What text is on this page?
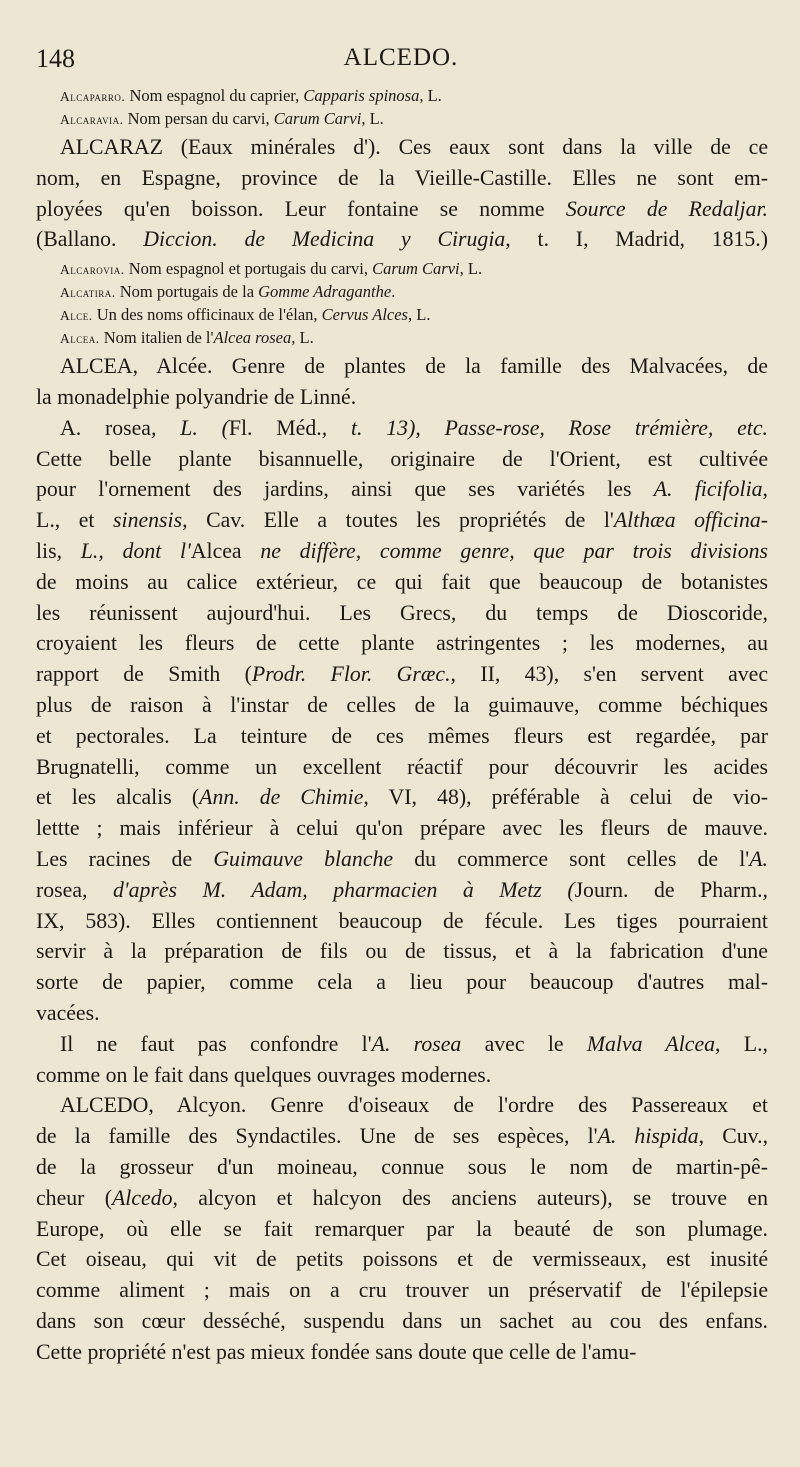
148	ALCEDO.

Alcaparro. Nom espagnol du caprier, Capparis spinosa, L.

Alcaravia. Nom persan du carvi, Carum Carvi, L.

ALCARAZ (Eaux minérales d'). Ces eaux sont dans la ville de ce
nom, en Espagne, province de la Vieille-Castille. Elles ne sont em-
ployées qu'en boisson. Leur fontaine se nomme Source de Redaljar.
(Ballano. Diccion. de Medicina y Cirugia, t. I, Madrid, 1815.)

Alcarovia. Nom espagnol et portugais du carvi, Carum Carvi, L.

Alcatira. Nom portugais de la Gomme Adraganthe.

Alce. Un des noms officinaux de l'élan, Cervus Alces, L.

Alcea. Nom italien de l'Alcea rosea, L.

ALCEA, Alcée. Genre de plantes de la famille des Malvacées, de
la monadelphie polyandrie de Linné.
A. rosea, L. (Fl. Méd., t. 13), Passe-rose, Rose trémière, etc.
Cette belle plante bisannuelle, originaire de l'Orient, est cultivée
pour l'ornement des jardins, ainsi que ses variétés les A. ficifolia,
L., et sinensis, Cav. Elle a toutes les propriétés de l'Althæa officina-
lis, L., dont l'Alcea ne diffère, comme genre, que par trois divisions
de moins au calice extérieur, ce qui fait que beaucoup de botanistes
les réunissent aujourd'hui. Les Grecs, du temps de Dioscoride,
croyaient les fleurs de cette plante astringentes ; les modernes, au
rapport de Smith (Prodr. Flor. Græc., II, 43), s'en servent avec
plus de raison à l'instar de celles de la guimauve, comme béchiques
et pectorales. La teinture de ces mêmes fleurs est regardée, par
Brugnatelli, comme un excellent réactif pour découvrir les acides
et les alcalis (Ann. de Chimie, VI, 48), préférable à celui de vio-
lettte ; mais inférieur à celui qu'on prépare avec les fleurs de mauve.
Les racines de Guimauve blanche du commerce sont celles de l'A.
rosea, d'après M. Adam, pharmacien à Metz (Journ. de Pharm.,
IX, 583). Elles contiennent beaucoup de fécule. Les tiges pourraient
servir à la préparation de fils ou de tissus, et à la fabrication d'une
sorte de papier, comme cela a lieu pour beaucoup d'autres mal-
vacées.
Il ne faut pas confondre l'A. rosea avec le Malva Alcea, L.,
comme on le fait dans quelques ouvrages modernes.
ALCEDO, Alcyon. Genre d'oiseaux de l'ordre des Passereaux et
de la famille des Syndactiles. Une de ses espèces, l'A. hispida, Cuv.,
de la grosseur d'un moineau, connue sous le nom de martin-pê-
cheur (Alcedo, alcyon et halcyon des anciens auteurs), se trouve en
Europe, où elle se fait remarquer par la beauté de son plumage.
Cet oiseau, qui vit de petits poissons et de vermisseaux, est inusité
comme aliment ; mais on a cru trouver un préservatif de l'épilepsie
dans son cœur desséché, suspendu dans un sachet au cou des enfans.
Cette propriété n'est pas mieux fondée sans doute que celle de l'amu-
